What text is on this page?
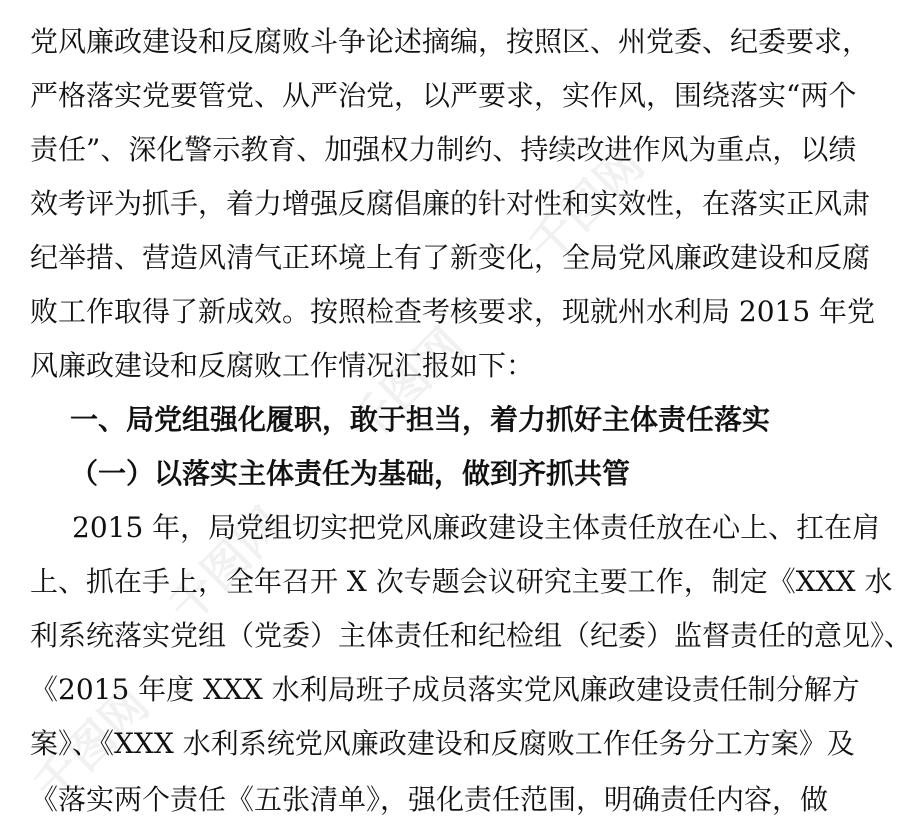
千图网
千图网
千图网
千图网
党风廉政建设和反腐败斗争论述摘编，按照区、州党委、纪委要求，
严格落实党要管党、从严治党，以严要求，实作风，围绕落实“两个
责任”、深化警示教育、加强权力制约、持续改进作风为重点，以绩
效考评为抓手，着力增强反腐倡廉的针对性和实效性，在落实正风肃
纪举措、营造风清气正环境上有了新变化，全局党风廉政建设和反腐
败工作取得了新成效。按照检查考核要求，现就州水利局 2015 年党
风廉政建设和反腐败工作情况汇报如下：
一、局党组强化履职，敢于担当，着力抓好主体责任落实
（一）以落实主体责任为基础，做到齐抓共管
2015 年，局党组切实把党风廉政建设主体责任放在心上、扛在肩
上、抓在手上，全年召开 X 次专题会议研究主要工作，制定《XXX 水
利系统落实党组（党委）主体责任和纪检组（纪委）监督责任的意见》、
《2015 年度 XXX 水利局班子成员落实党风廉政建设责任制分解方
案》、《XXX 水利系统党风廉政建设和反腐败工作任务分工方案》及
《落实两个责任《五张清单》，强化责任范围，明确责任内容，做
